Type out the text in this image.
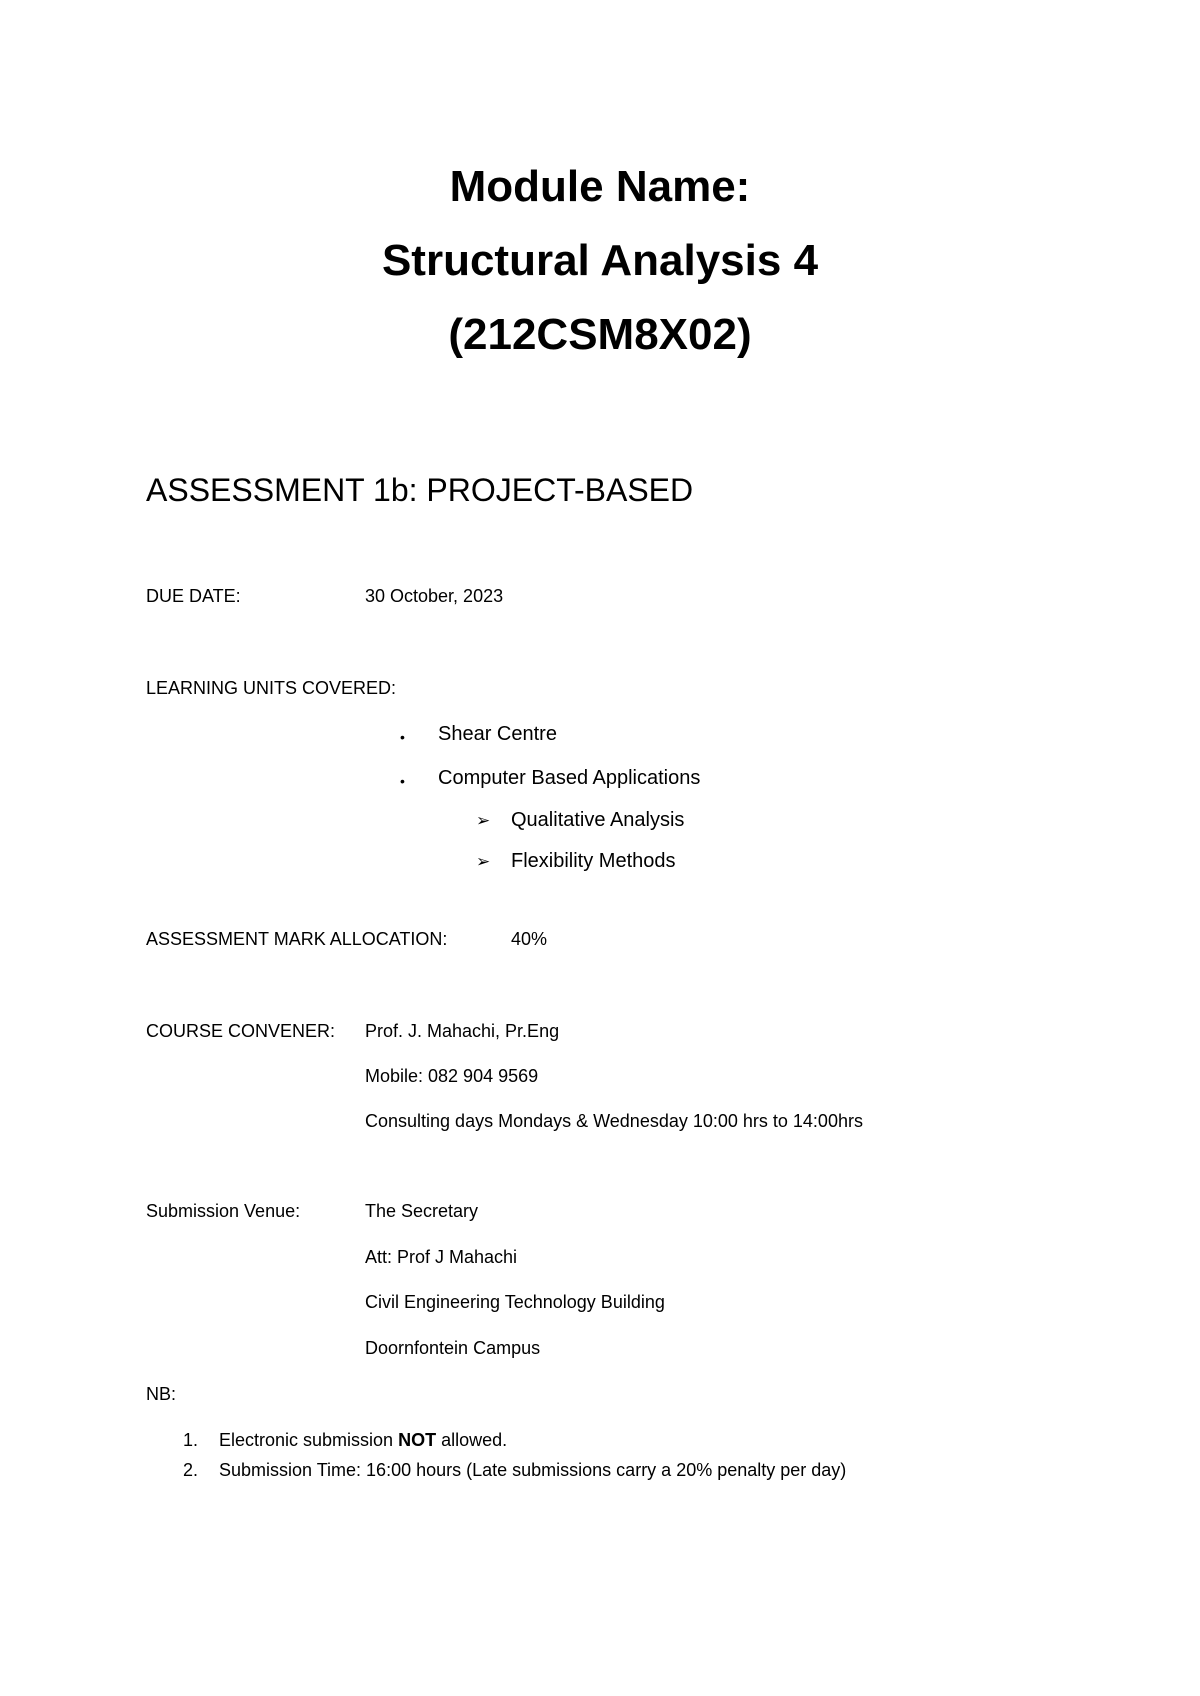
Module Name:
Structural Analysis 4
(212CSM8X02)
ASSESSMENT 1b: PROJECT-BASED
DUE DATE:	30 October, 2023
LEARNING UNITS COVERED:
• Shear Centre
• Computer Based Applications
➢ Qualitative Analysis
➢ Flexibility Methods
ASSESSMENT MARK ALLOCATION:	40%
COURSE CONVENER: Prof. J. Mahachi, Pr.Eng
Mobile: 082 904 9569
Consulting days Mondays & Wednesday 10:00 hrs to 14:00hrs
Submission Venue:	The Secretary
Att: Prof J Mahachi
Civil Engineering Technology Building
Doornfontein Campus
NB:
1. Electronic submission NOT allowed.
2. Submission Time: 16:00 hours (Late submissions carry a 20% penalty per day)
